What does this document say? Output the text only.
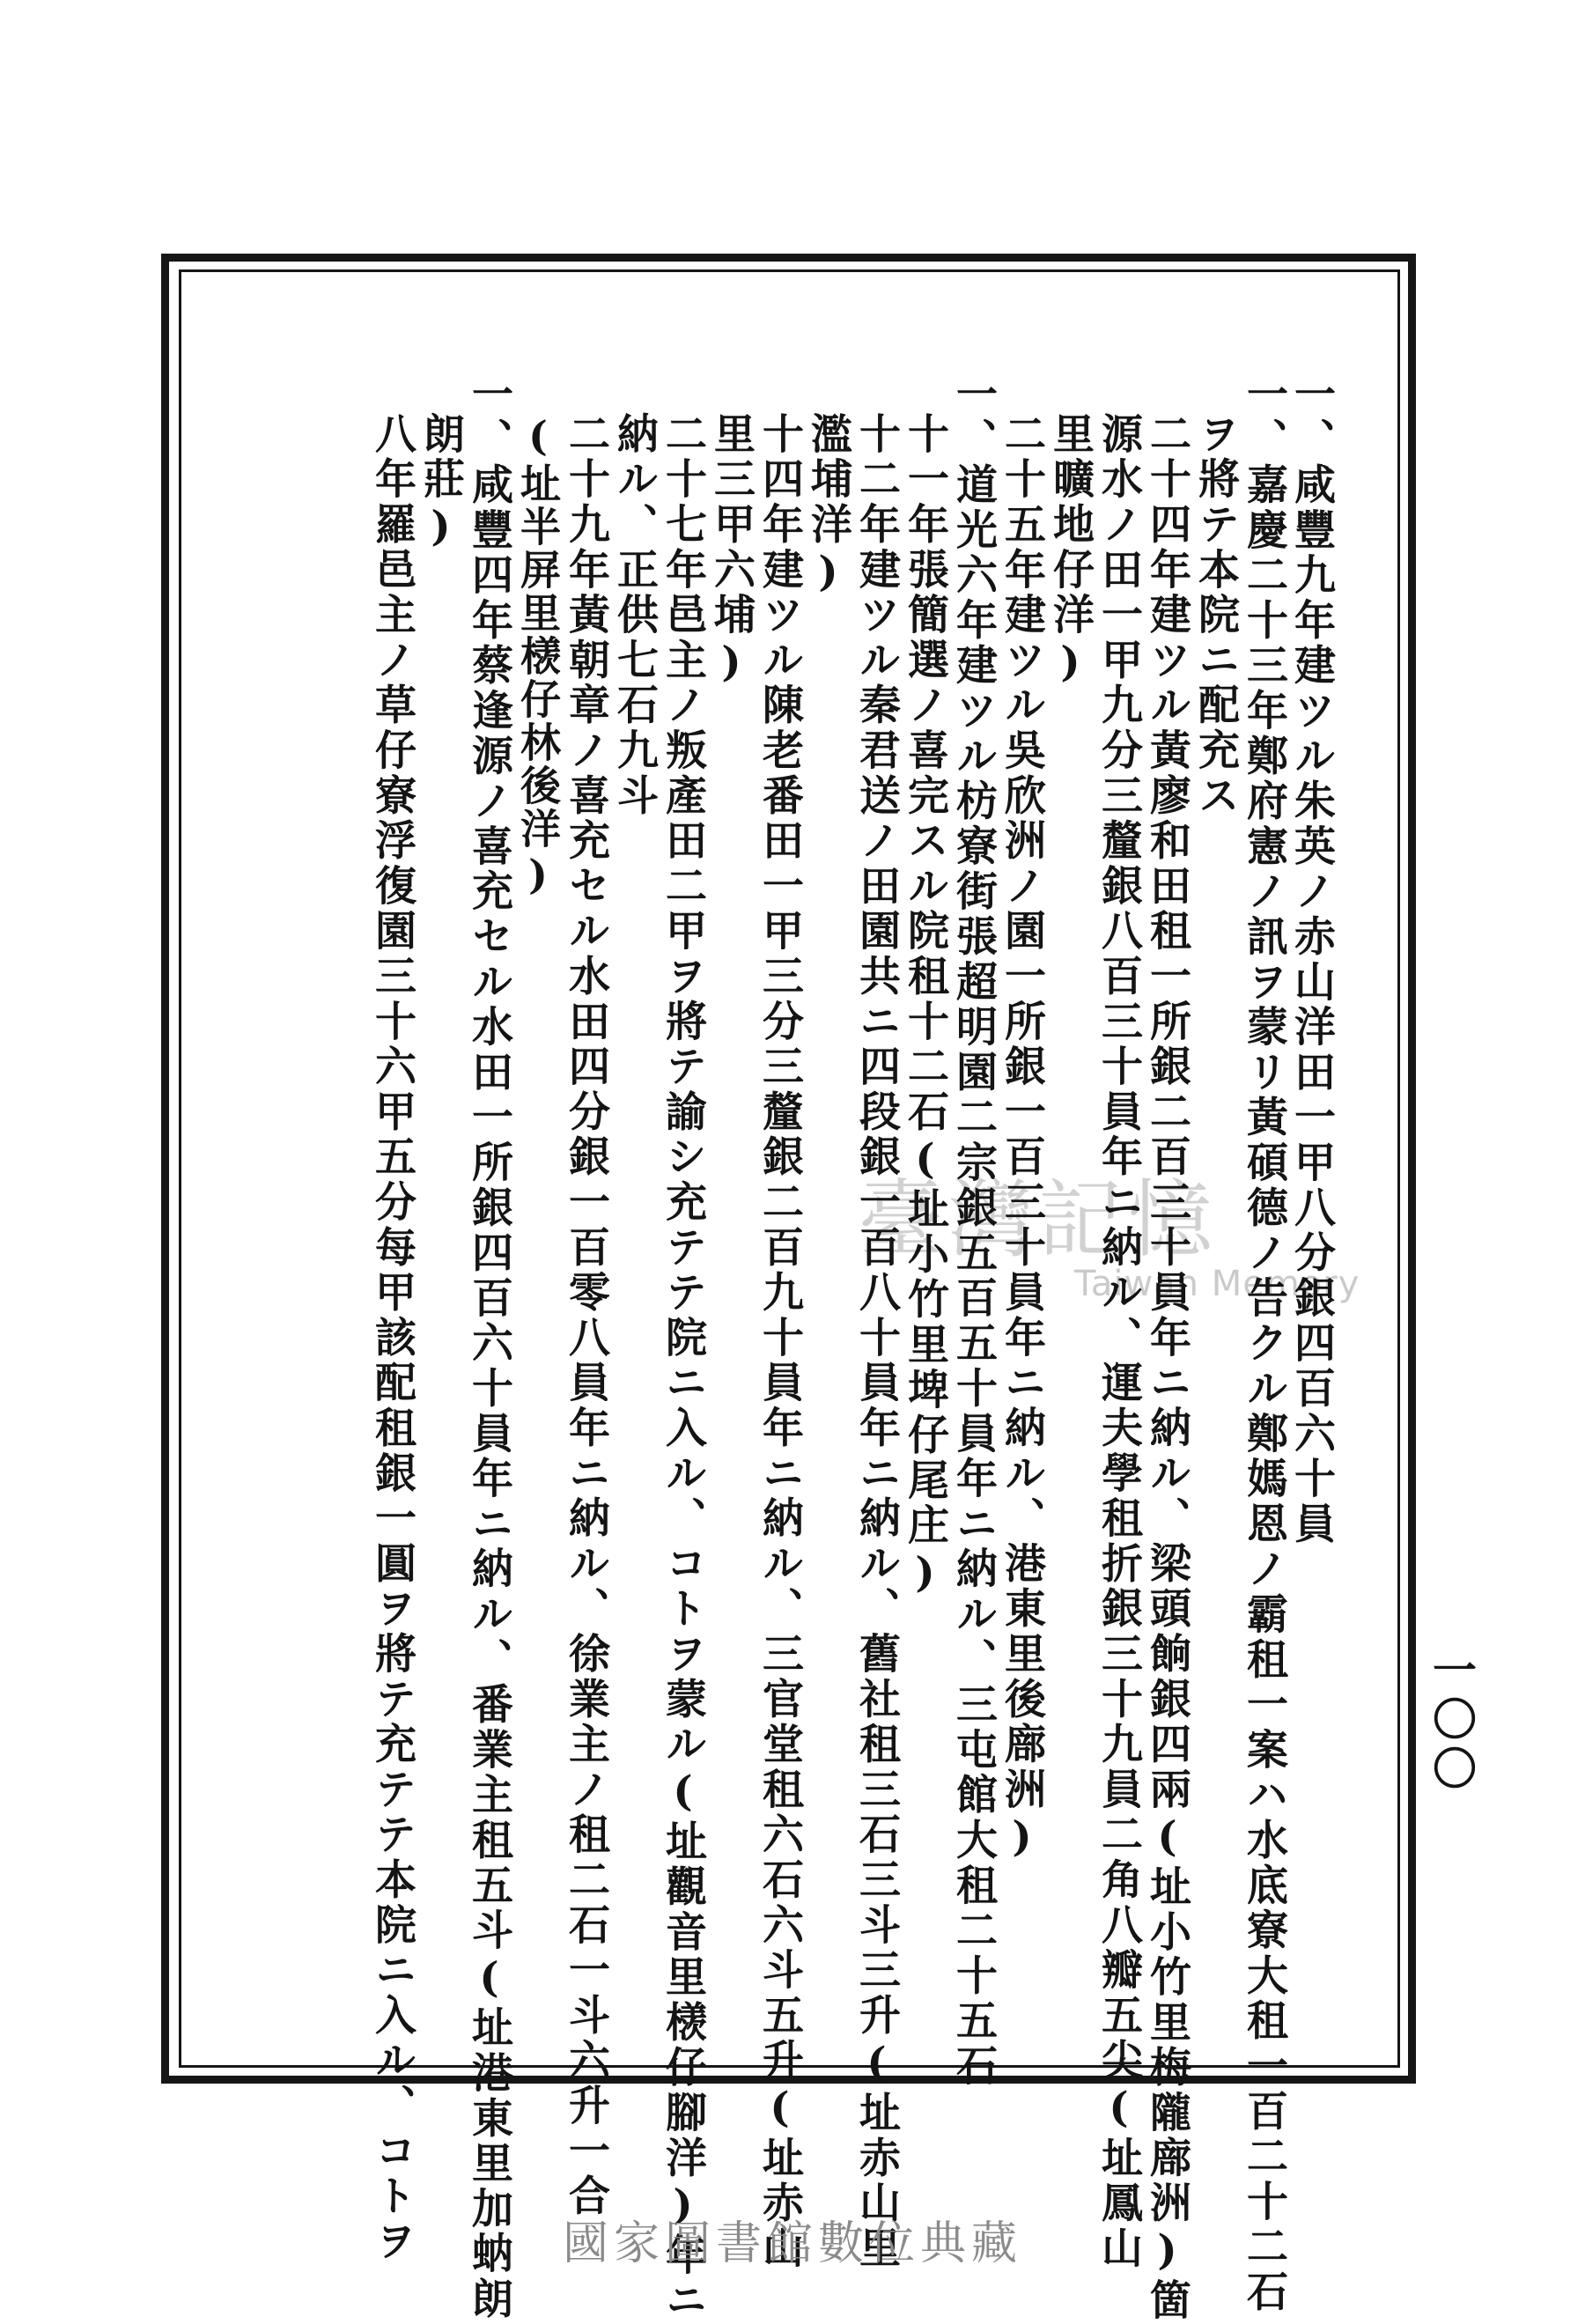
臺灣記憶
Taiwan Memory
一、咸豐九年建ツル朱英ノ赤山洋田一甲八分銀四百六十員
一、嘉慶二十三年鄭府憲ノ訊ヲ蒙リ黃碩德ノ告クル鄭媽恩ノ霸租一案ハ水底寮大租一百二十二石
ヲ將テ本院ニ配充ス
二十四年建ツル黃廖和田租一所銀二百三十員年ニ納ル、梁頭餉銀四兩(址小竹里梅隴廍洲)箇
源水ノ田一甲九分三釐銀八百三十員年ニ納ル、運夫學租折銀三十九員二角八瓣五尖(址鳳山
里曠地仔洋)
二十五年建ツル吳欣洲ノ園一所銀一百三十員年ニ納ル、港東里後廍洲)
一、道光六年建ツル枋寮街張超明園二宗銀五百五十員年ニ納ル、三屯館大租二十五石
十一年張簡選ノ喜完スル院租十二石(址小竹里埤仔尾庄)
十二年建ツル秦君送ノ田園共ニ四段銀一百八十員年ニ納ル、舊社租三石三斗三升(址赤山里
濫埔洋)
十四年建ツル陳老番田一甲三分三釐銀二百九十員年ニ納ル、三官堂租六石六斗五升(址赤山
里三甲六埔)
二十七年邑主ノ叛產田二甲ヲ將テ諭シ充テテ院ニ入ル、コトヲ蒙ル(址觀音里檨仔腳洋)年ニ
納ル、正供七石九斗
二十九年黃朝章ノ喜充セル水田四分銀一百零八員年ニ納ル、徐業主ノ租二石一斗六升一合
(址半屏里檨仔林後洋)
一、咸豐四年蔡逢源ノ喜充セル水田一所銀四百六十員年ニ納ル、番業主租五斗(址港東里加蚋朗
朗莊)
八年羅邑主ノ草仔寮浮復園三十六甲五分每甲該配租銀一圓ヲ將テ充テテ本院ニ入ル、コトヲ	一〇〇
國家圖書館數位典藏
